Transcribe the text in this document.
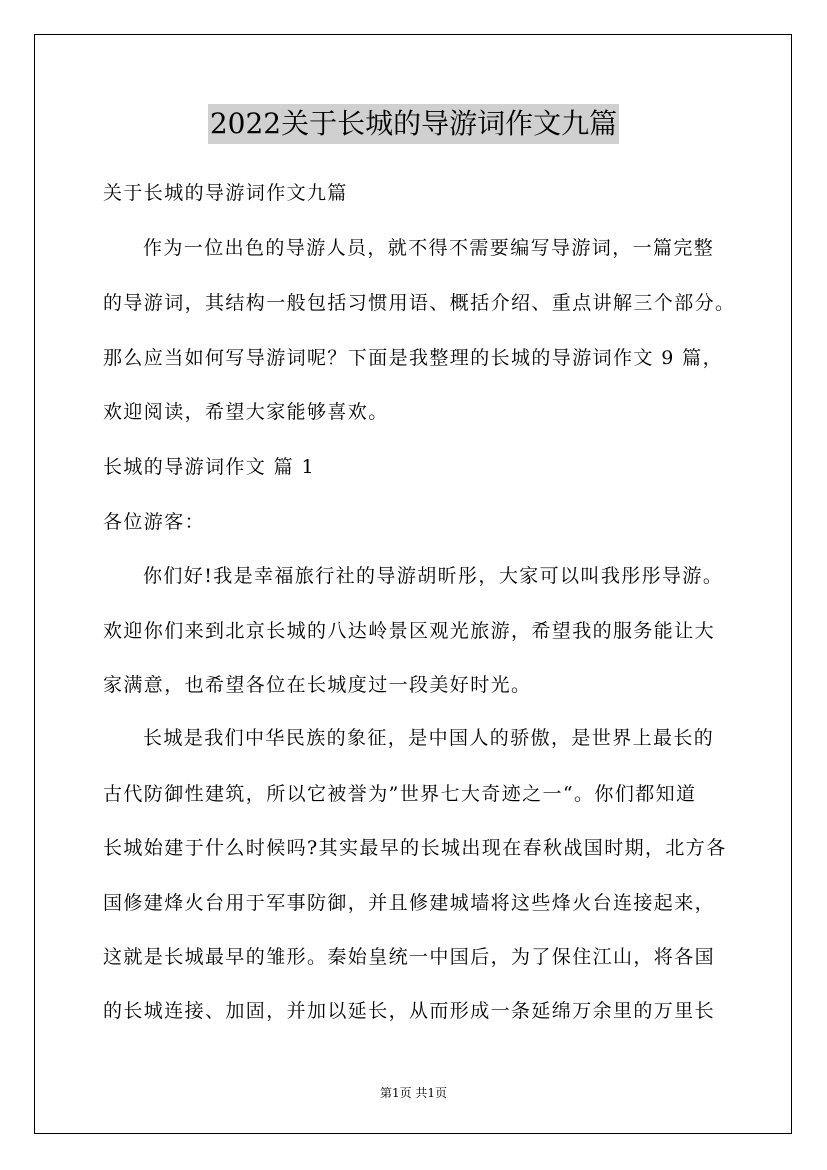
2022关于长城的导游词作文九篇
关于长城的导游词作文九篇
作为一位出色的导游人员，就不得不需要编写导游词，一篇完整
的导游词，其结构一般包括习惯用语、概括介绍、重点讲解三个部分。
那么应当如何写导游词呢？下面是我整理的长城的导游词作文 9 篇，
欢迎阅读，希望大家能够喜欢。
长城的导游词作文 篇 1
各位游客：
你们好!我是幸福旅行社的导游胡昕彤，大家可以叫我彤彤导游。
欢迎你们来到北京长城的八达岭景区观光旅游，希望我的服务能让大
家满意，也希望各位在长城度过一段美好时光。
长城是我们中华民族的象征，是中国人的骄傲，是世界上最长的
古代防御性建筑，所以它被誉为”世界七大奇迹之一“。你们都知道
长城始建于什么时候吗?其实最早的长城出现在春秋战国时期，北方各
国修建烽火台用于军事防御，并且修建城墙将这些烽火台连接起来，
这就是长城最早的雏形。秦始皇统一中国后，为了保住江山，将各国
的长城连接、加固，并加以延长，从而形成一条延绵万余里的万里长
第1页 共1页
